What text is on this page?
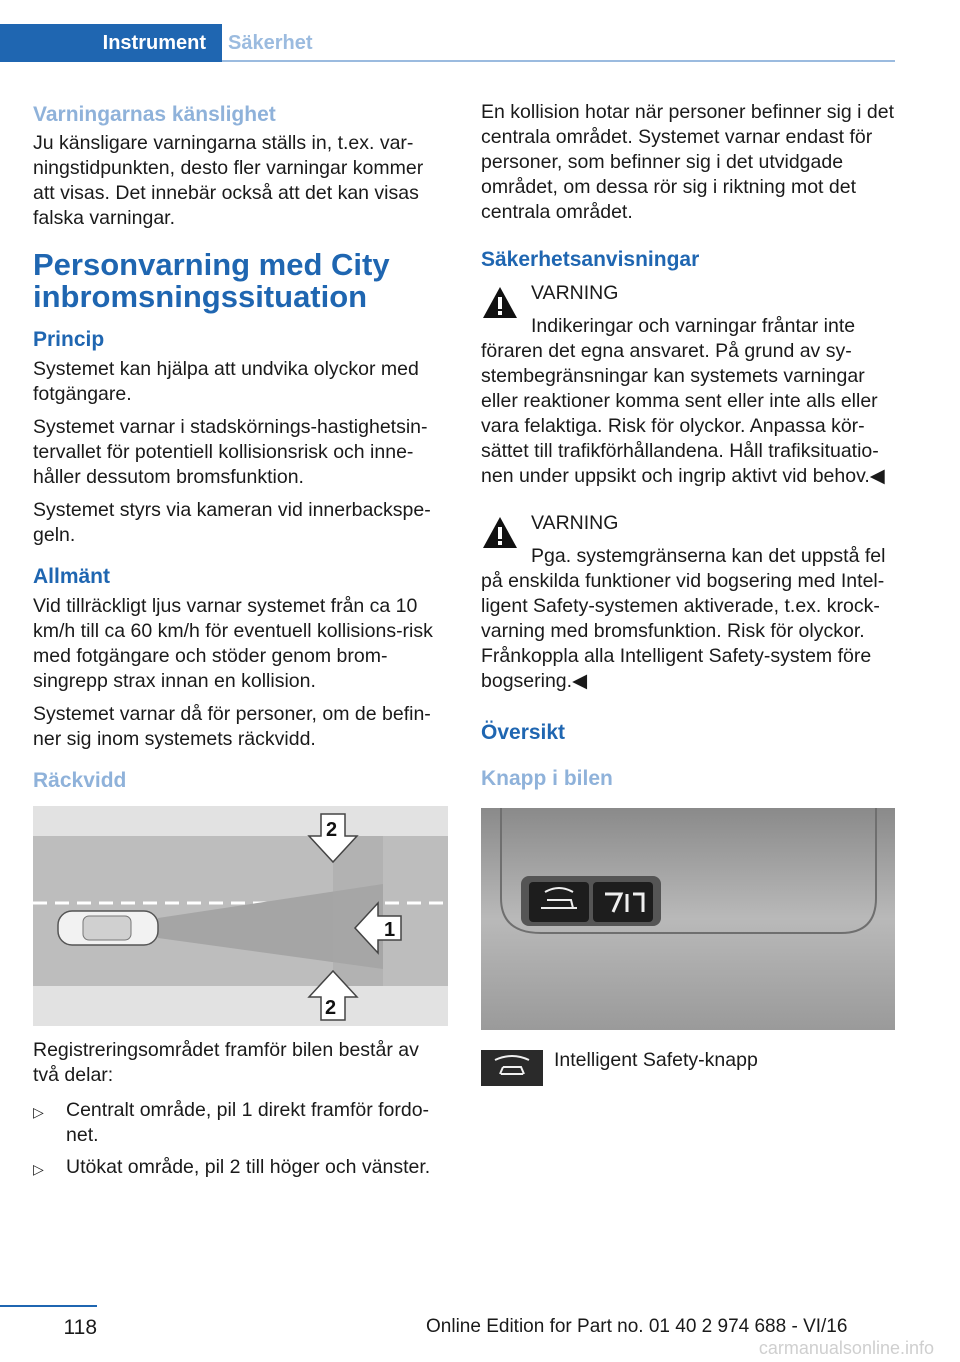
Instrument	Säkerhet
Varningarnas känslighet

Ju känsligare varningarna ställs in, t.ex. var-ningstidpunkten, desto fler varningar kommer att visas. Det innebär också att det kan visas falska varningar.

Personvarning med City inbromsningssituation
Princip

Systemet kan hjälpa att undvika olyckor med fotgängare.

Systemet varnar i stadskörnings-hastighetsin-tervallet för potentiell kollisionsrisk och inne-håller dessutom bromsfunktion.

Systemet styrs via kameran vid innerbackspe-geln.

Allmänt

Vid tillräckligt ljus varnar systemet från ca 10 km/h till ca 60 km/h för eventuell kollisions-risk med fotgängare och stöder genom brom-singrepp strax innan en kollision.

Systemet varnar då för personer, om de befin-ner sig inom systemets räckvidd.

Räckvidd
1
2
2

Registreringsområdet framför bilen består av två delar:

▷ Centralt område, pil 1 direkt framför fordo-net.
▷ Utökat område, pil 2 till höger och vänster.

En kollision hotar när personer befinner sig i det centrala området. Systemet varnar endast för personer, som befinner sig i det utvidgade området, om dessa rör sig i riktning mot det centrala området.

Säkerhetsanvisningar
VARNING
Indikeringar och varningar fråntar inte föraren det egna ansvaret. På grund av sy-stembegränsningar kan systemets varningar eller reaktioner komma sent eller inte alls eller vara felaktiga. Risk för olyckor. Anpassa kör-sättet till trafikförhållandena. Håll trafiksituatio-nen under uppsikt och ingrip aktivt vid behov.◀
VARNING
Pga. systemgränserna kan det uppstå fel på enskilda funktioner vid bogsering med Intel-ligent Safety-systemen aktiverade, t.ex. krock-varning med bromsfunktion. Risk för olyckor. Frånkoppla alla Intelligent Safety-system före bogsering.◀
Översikt
Knapp i bilen
Intelligent Safety-knapp
118	Online Edition for Part no. 01 40 2 974 688 - VI/16
carmanualsonline.info
